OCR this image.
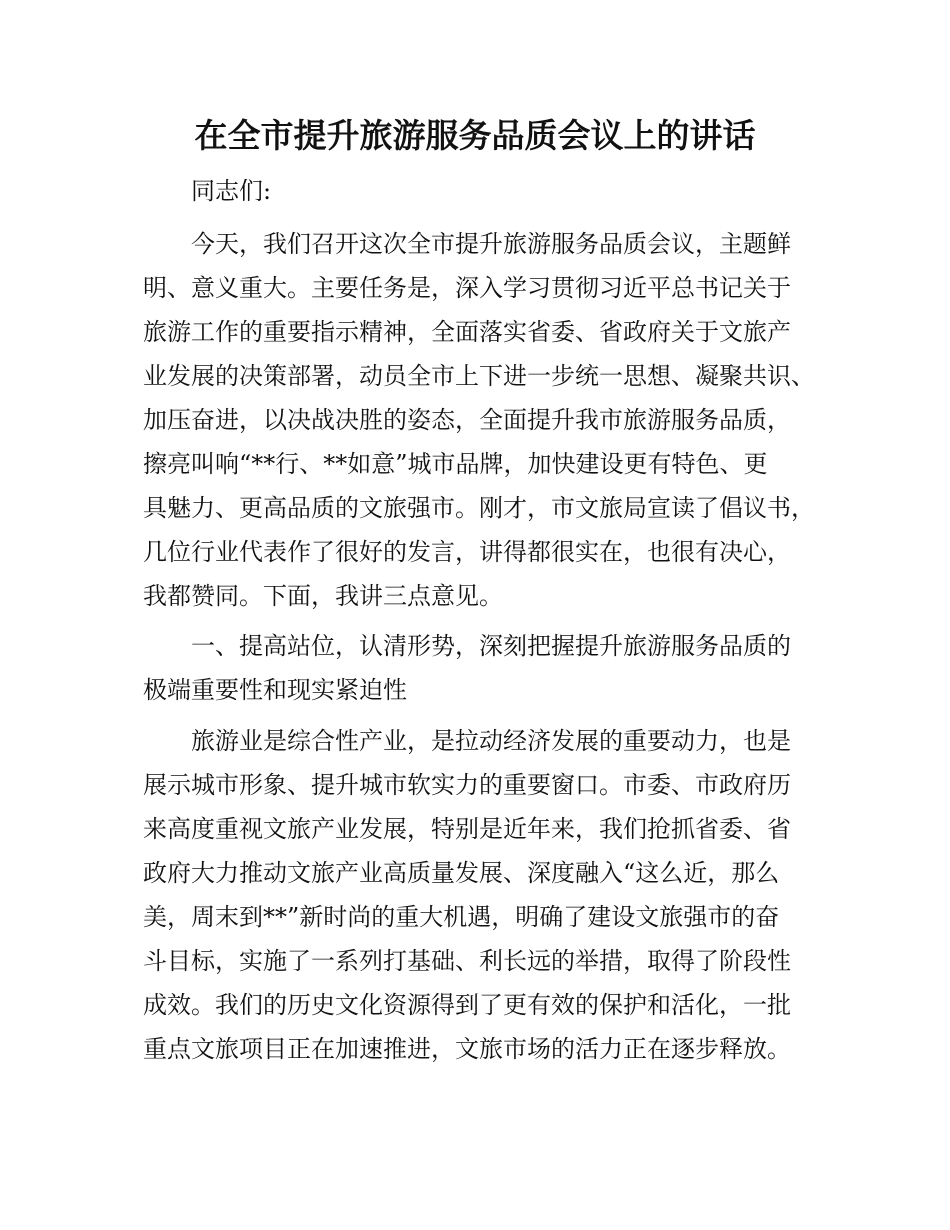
在全市提升旅游服务品质会议上的讲话

同志们:

今天，我们召开这次全市提升旅游服务品质会议，主题鲜

明、意义重大。主要任务是，深入学习贯彻习近平总书记关于

旅游工作的重要指示精神，全面落实省委、省政府关于文旅产

业发展的决策部署，动员全市上下进一步统一思想、凝聚共识、

加压奋进，以决战决胜的姿态，全面提升我市旅游服务品质，

擦亮叫响“**行、**如意”城市品牌，加快建设更有特色、更

具魅力、更高品质的文旅强市。刚才，市文旅局宣读了倡议书，

几位行业代表作了很好的发言，讲得都很实在，也很有决心，

我都赞同。下面，我讲三点意见。

一、提高站位，认清形势，深刻把握提升旅游服务品质的

极端重要性和现实紧迫性

旅游业是综合性产业，是拉动经济发展的重要动力，也是

展示城市形象、提升城市软实力的重要窗口。市委、市政府历

来高度重视文旅产业发展，特别是近年来，我们抢抓省委、省

政府大力推动文旅产业高质量发展、深度融入“这么近，那么

美，周末到**”新时尚的重大机遇，明确了建设文旅强市的奋

斗目标，实施了一系列打基础、利长远的举措，取得了阶段性

成效。我们的历史文化资源得到了更有效的保护和活化，一批

重点文旅项目正在加速推进，文旅市场的活力正在逐步释放。
